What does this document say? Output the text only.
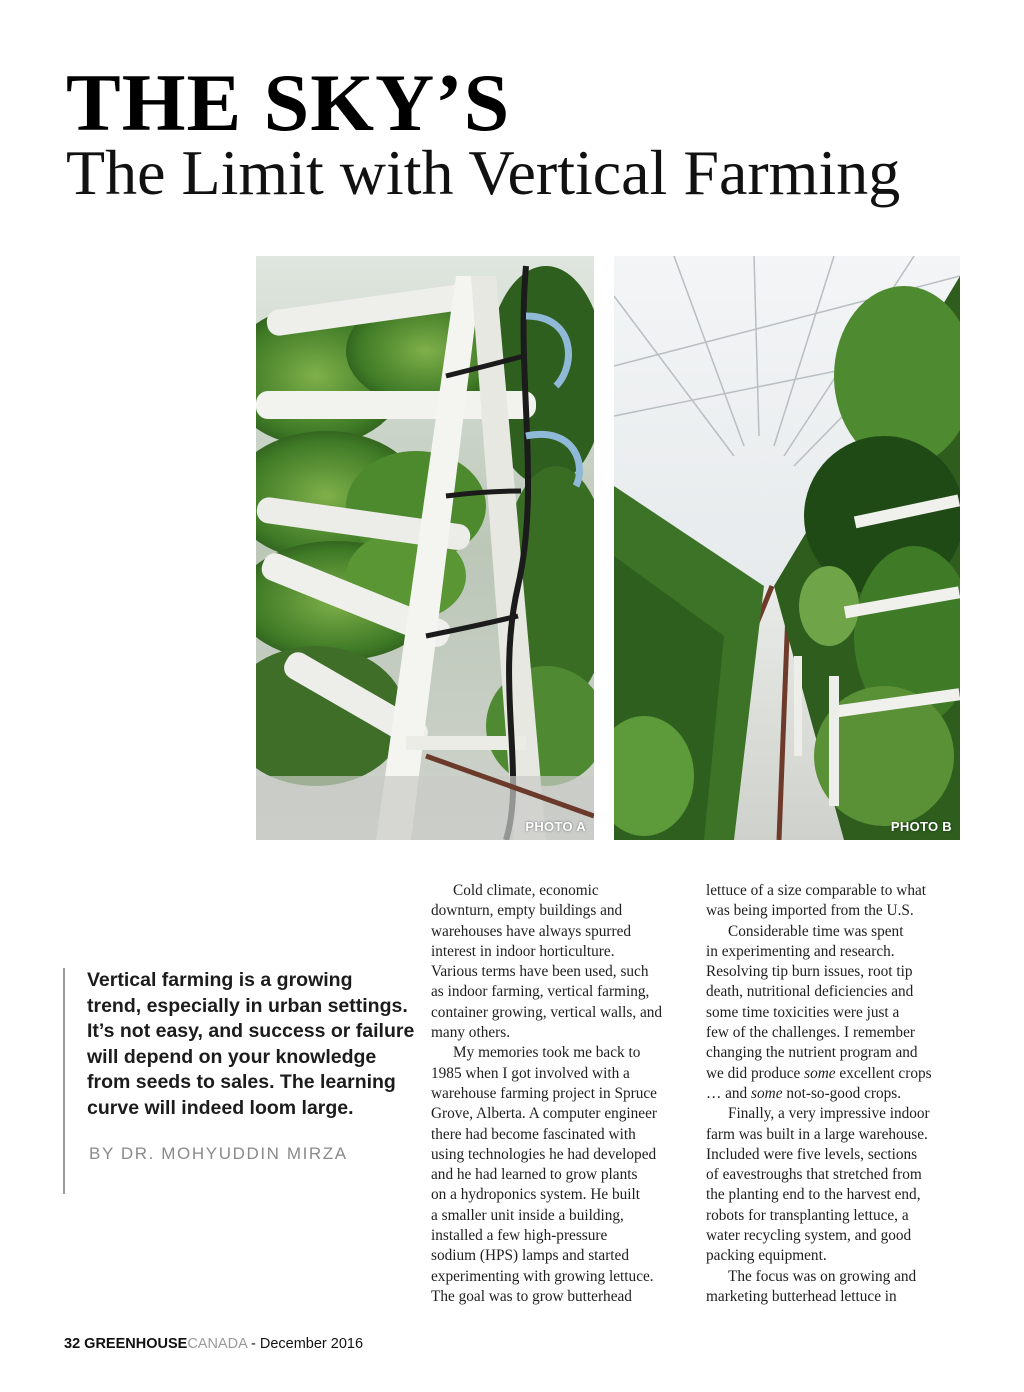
THE SKY’S
The Limit with Vertical Farming
PHOTO A	PHOTO B

Vertical farming is a growing
trend, especially in urban settings.
It’s not easy, and success or failure
will depend on your knowledge
from seeds to sales. The learning
curve will indeed loom large.

BY DR. MOHYUDDIN MIRZA

Cold climate, economic
downturn, empty buildings and
warehouses have always spurred
interest in indoor horticulture.
Various terms have been used, such
as indoor farming, vertical farming,
container growing, vertical walls, and
many others.
My memories took me back to
1985 when I got involved with a
warehouse farming project in Spruce
Grove, Alberta. A computer engineer
there had become fascinated with
using technologies he had developed
and he had learned to grow plants
on a hydroponics system. He built
a smaller unit inside a building,
installed a few high-pressure
sodium (HPS) lamps and started
experimenting with growing lettuce.
The goal was to grow butterhead
lettuce of a size comparable to what
was being imported from the U.S.
Considerable time was spent
in experimenting and research.
Resolving tip burn issues, root tip
death, nutritional deficiencies and
some time toxicities were just a
few of the challenges. I remember
changing the nutrient program and
we did produce some excellent crops
… and some not-so-good crops.
Finally, a very impressive indoor
farm was built in a large warehouse.
Included were five levels, sections
of eavestroughs that stretched from
the planting end to the harvest end,
robots for transplanting lettuce, a
water recycling system, and good
packing equipment.
The focus was on growing and
marketing butterhead lettuce in
32 GREENHOUSECANADA - December 2016
